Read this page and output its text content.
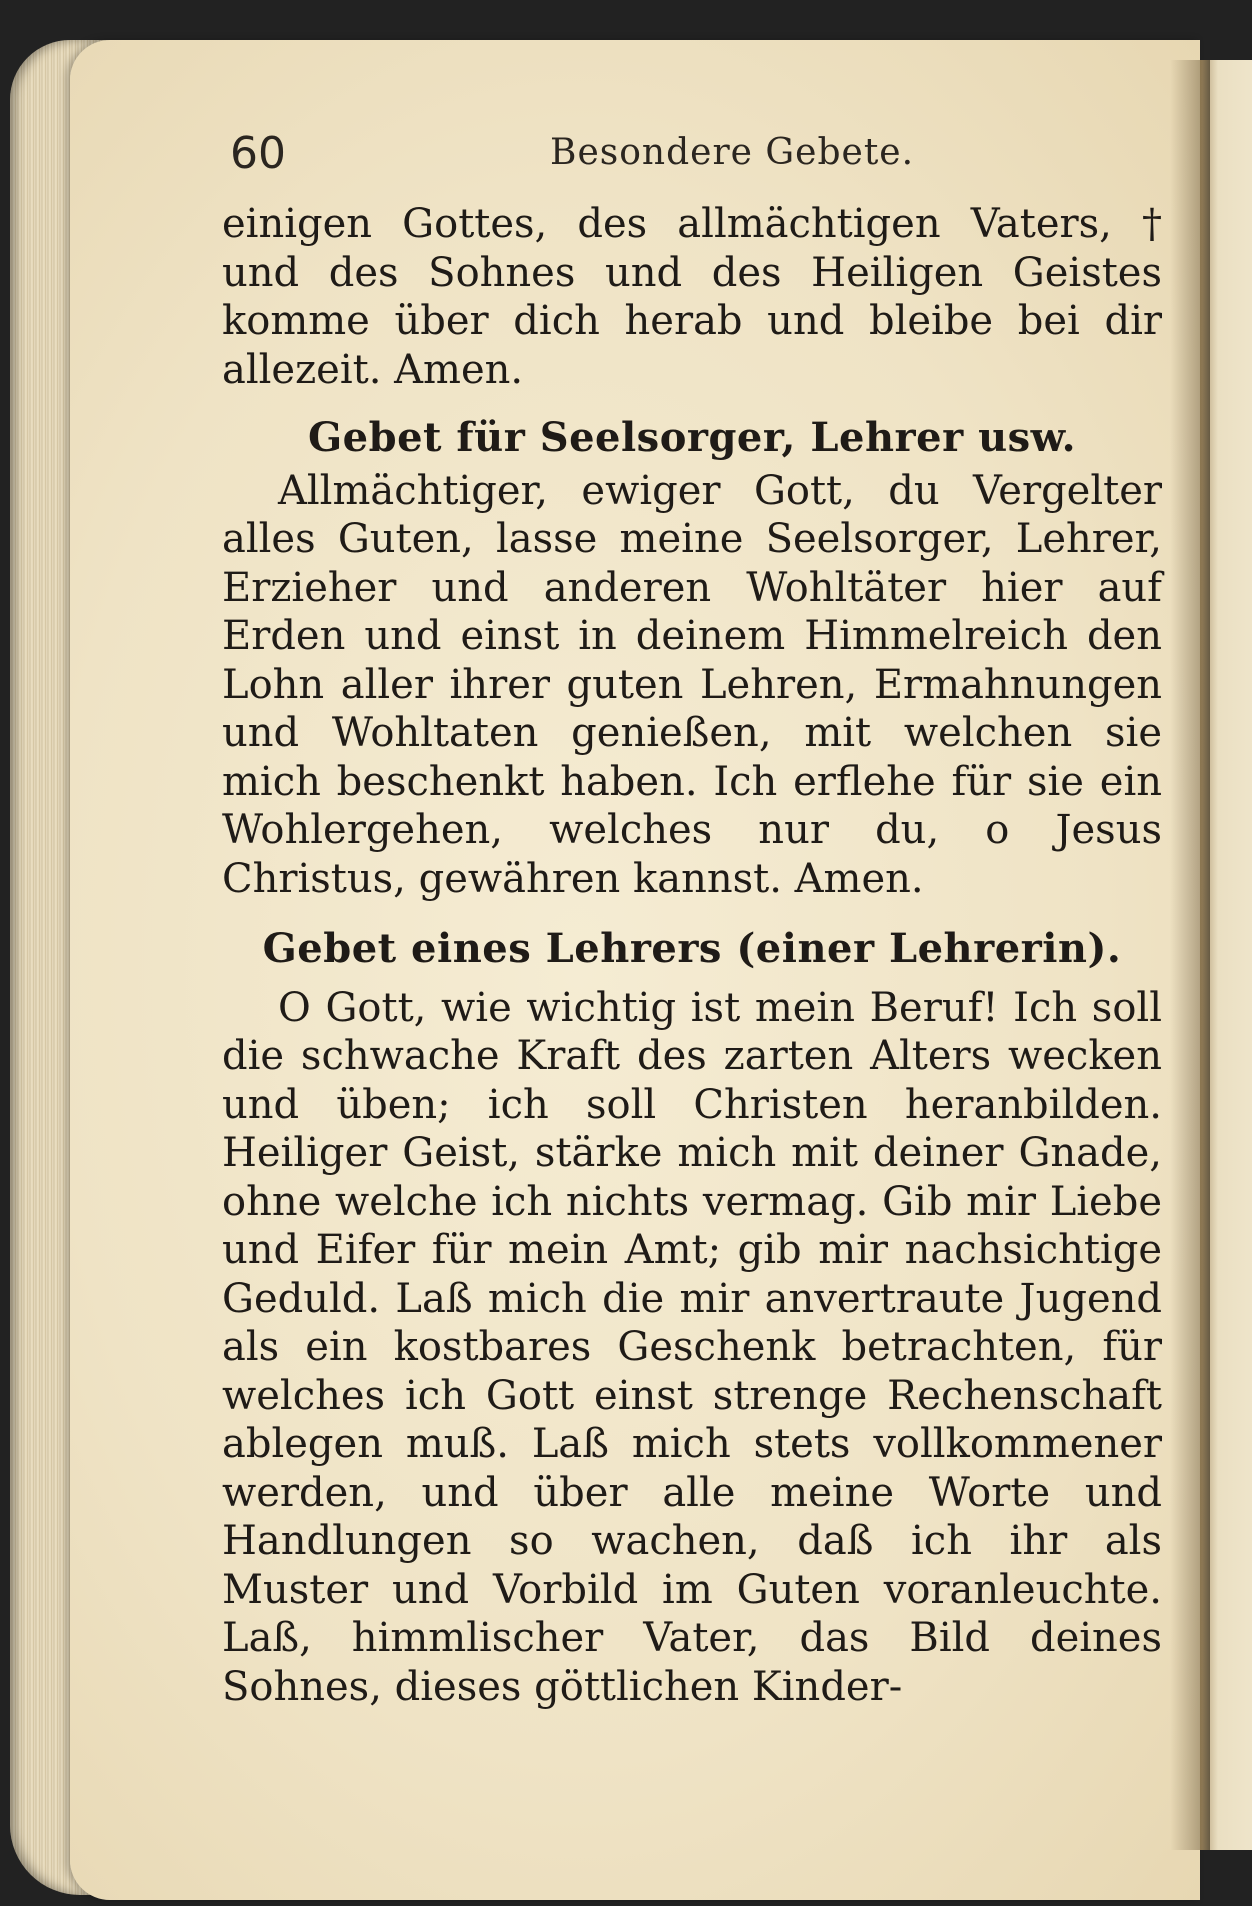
60	Besondere Gebete.

einigen Gottes, des allmächtigen Vaters, † und des Sohnes und des Heiligen Geistes komme über dich herab und bleibe bei dir allezeit. Amen.

Gebet für Seelsorger, Lehrer usw.

Allmächtiger, ewiger Gott, du Vergelter alles Guten, lasse meine Seelsorger, Lehrer, Erzieher und anderen Wohltäter hier auf Erden und einst in deinem Himmelreich den Lohn aller ihrer guten Lehren, Ermahnungen und Wohltaten genießen, mit welchen sie mich beschenkt haben. Ich erflehe für sie ein Wohlergehen, welches nur du, o Jesus Christus, gewähren kannst. Amen.

Gebet eines Lehrers (einer Lehrerin).

O Gott, wie wichtig ist mein Beruf! Ich soll die schwache Kraft des zarten Alters wecken und üben; ich soll Christen heranbilden. Heiliger Geist, stärke mich mit deiner Gnade, ohne welche ich nichts vermag. Gib mir Liebe und Eifer für mein Amt; gib mir nachsichtige Geduld. Laß mich die mir anvertraute Jugend als ein kostbares Geschenk betrachten, für welches ich Gott einst strenge Rechenschaft ablegen muß. Laß mich stets vollkommener werden, und über alle meine Worte und Handlungen so wachen, daß ich ihr als Muster und Vorbild im Guten voranleuchte. Laß, himmlischer Vater, das Bild deines Sohnes, dieses göttlichen Kinder-
